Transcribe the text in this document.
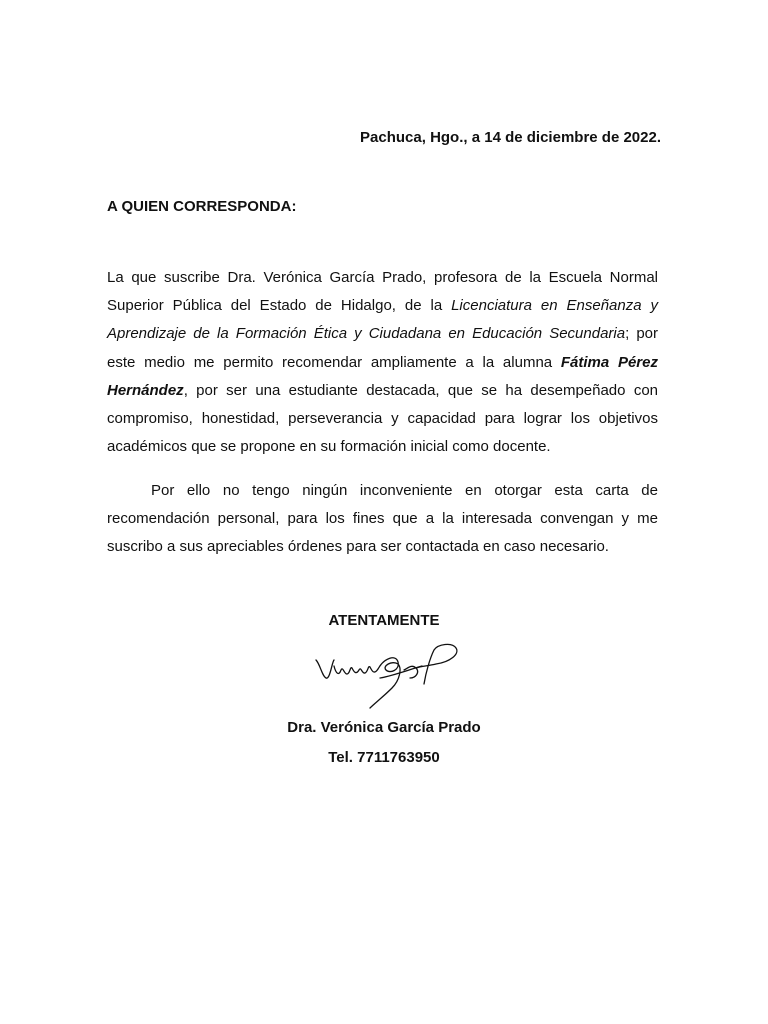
Pachuca, Hgo., a 14 de diciembre de 2022.
A QUIEN CORRESPONDA:

La que suscribe Dra. Verónica García Prado, profesora de la Escuela Normal Superior Pública del Estado de Hidalgo, de la Licenciatura en Enseñanza y Aprendizaje de la Formación Ética y Ciudadana en Educación Secundaria; por este medio me permito recomendar ampliamente a la alumna Fátima Pérez Hernández, por ser una estudiante destacada, que se ha desempeñado con compromiso, honestidad, perseverancia y capacidad para lograr los objetivos académicos que se propone en su formación inicial como docente.

Por ello no tengo ningún inconveniente en otorgar esta carta de recomendación personal, para los fines que a la interesada convengan y me suscribo a sus apreciables órdenes para ser contactada en caso necesario.

ATENTAMENTE
Dra. Verónica García Prado
Tel. 7711763950
